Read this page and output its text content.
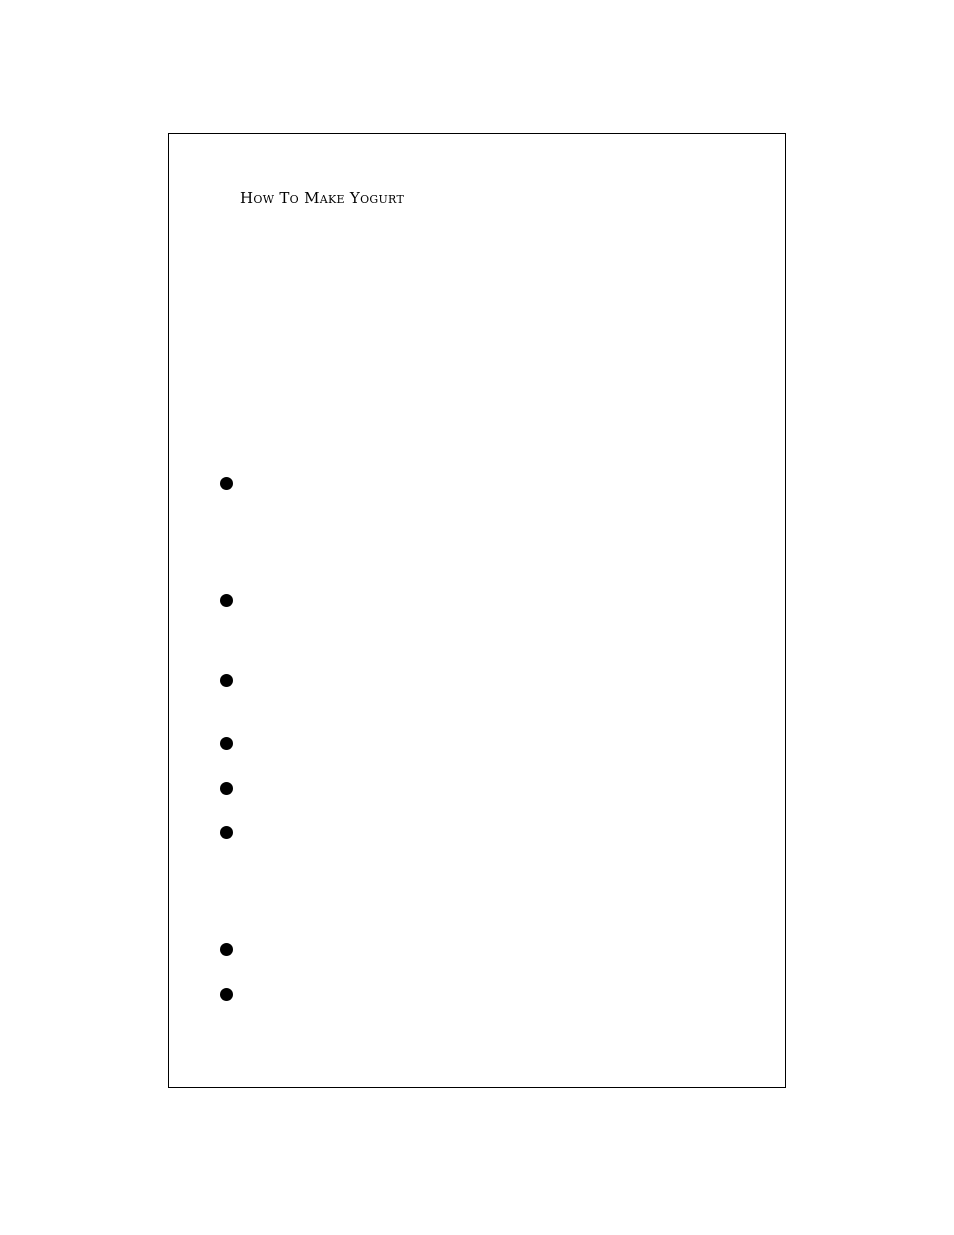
How To Make Yogurt
